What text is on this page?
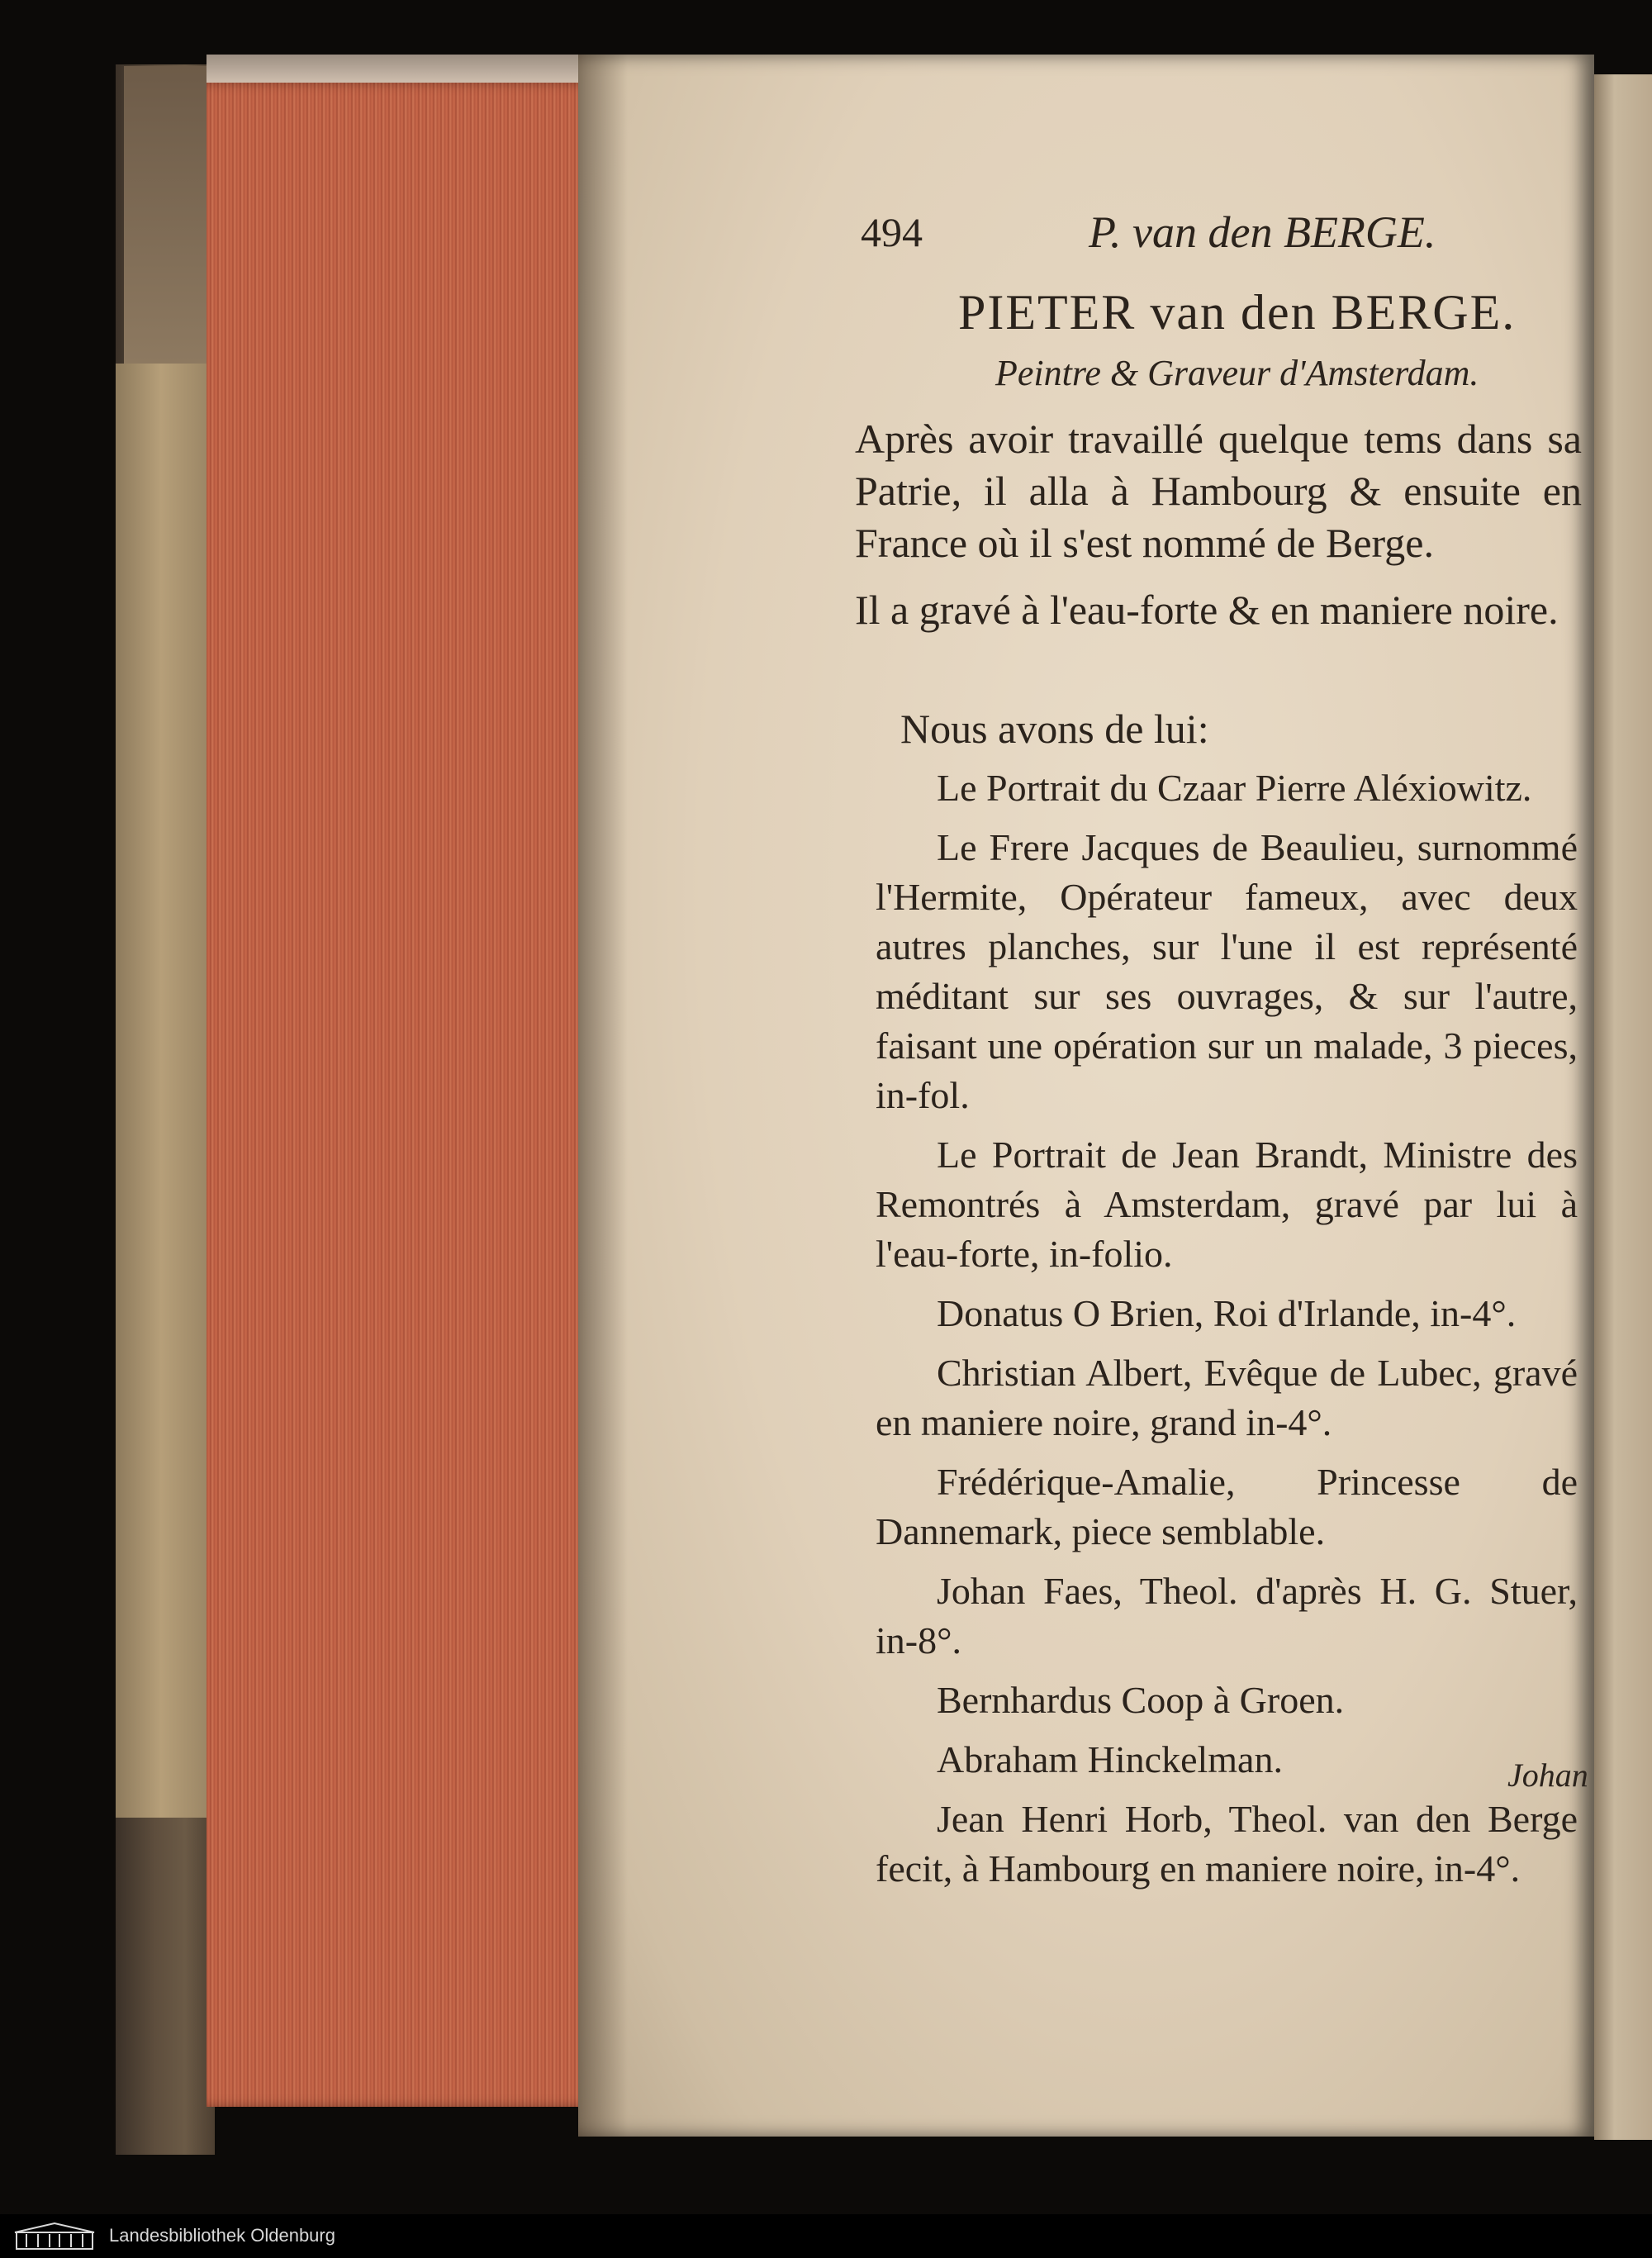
494	P. van den BERGE.
PIETER van den BERGE.
Peintre & Graveur d'Amsterdam.
Après avoir travaillé quelque tems dans sa Patrie, il alla à Hambourg & ensuite en France où il s'est nommé de Berge.
Il a gravé à l'eau-forte & en maniere noire.
Nous avons de lui:

Le Portrait du Czaar Pierre Aléxiowitz.

Le Frere Jacques de Beaulieu, surnommé l'Hermite, Opérateur fameux, avec deux autres planches, sur l'une il est représenté méditant sur ses ouvrages, & sur l'autre, faisant une opération sur un malade, 3 pieces, in-fol.

Le Portrait de Jean Brandt, Ministre des Remontrés à Amsterdam, gravé par lui à l'eau-forte, in-folio.

Donatus O Brien, Roi d'Irlande, in-4°.

Christian Albert, Evêque de Lubec, gravé en maniere noire, grand in-4°.

Frédérique-Amalie, Princesse de Dannemark, piece semblable.

Johan Faes, Theol. d'après H. G. Stuer, in-8°.

Bernhardus Coop à Groen.

Abraham Hinckelman.

Jean Henri Horb, Theol. van den Berge fecit, à Hambourg en maniere noire, in-4°.

Johan
Landesbibliothek Oldenburg
